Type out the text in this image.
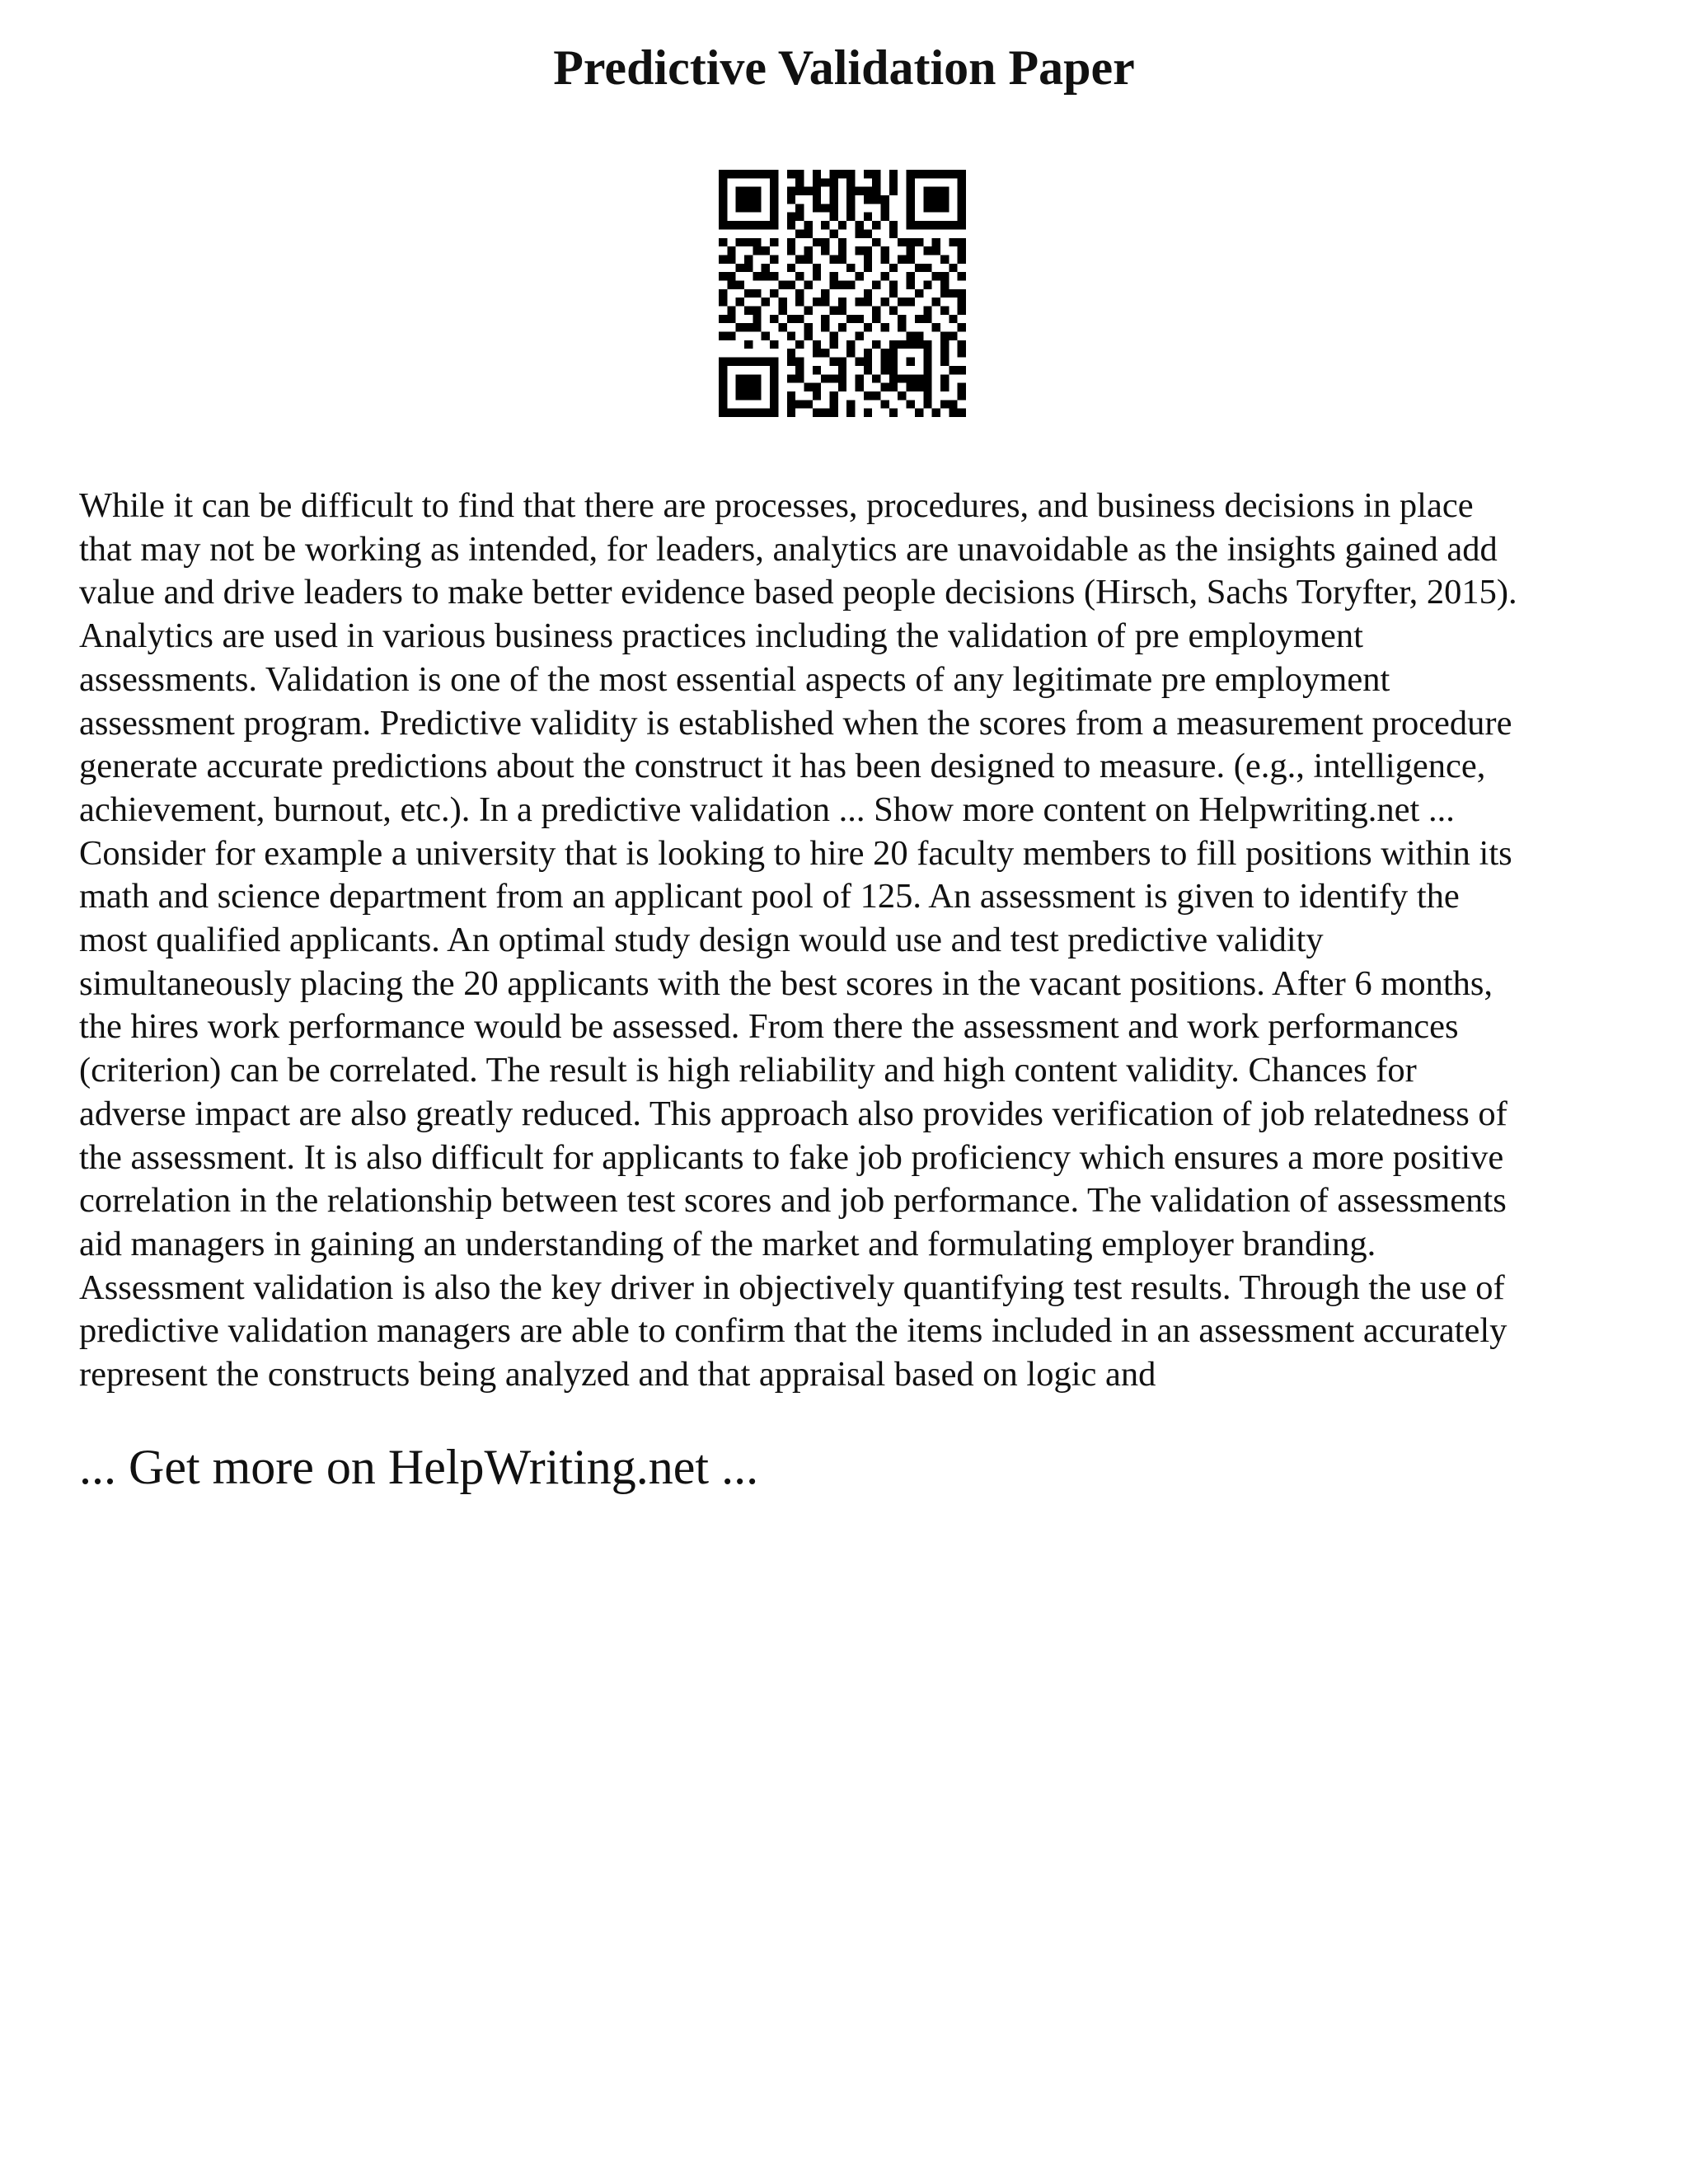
Predictive Validation Paper
While it can be difficult to find that there are processes, procedures, and business decisions in place
that may not be working as intended, for leaders, analytics are unavoidable as the insights gained add
value and drive leaders to make better evidence based people decisions (Hirsch, Sachs Toryfter, 2015).
Analytics are used in various business practices including the validation of pre employment
assessments. Validation is one of the most essential aspects of any legitimate pre employment
assessment program. Predictive validity is established when the scores from a measurement procedure
generate accurate predictions about the construct it has been designed to measure. (e.g., intelligence,
achievement, burnout, etc.). In a predictive validation ... Show more content on Helpwriting.net ...
Consider for example a university that is looking to hire 20 faculty members to fill positions within its
math and science department from an applicant pool of 125. An assessment is given to identify the
most qualified applicants. An optimal study design would use and test predictive validity
simultaneously placing the 20 applicants with the best scores in the vacant positions. After 6 months,
the hires work performance would be assessed. From there the assessment and work performances
(criterion) can be correlated. The result is high reliability and high content validity. Chances for
adverse impact are also greatly reduced. This approach also provides verification of job relatedness of
the assessment. It is also difficult for applicants to fake job proficiency which ensures a more positive
correlation in the relationship between test scores and job performance. The validation of assessments
aid managers in gaining an understanding of the market and formulating employer branding.
Assessment validation is also the key driver in objectively quantifying test results. Through the use of
predictive validation managers are able to confirm that the items included in an assessment accurately
represent the constructs being analyzed and that appraisal based on logic and
... Get more on HelpWriting.net ...
